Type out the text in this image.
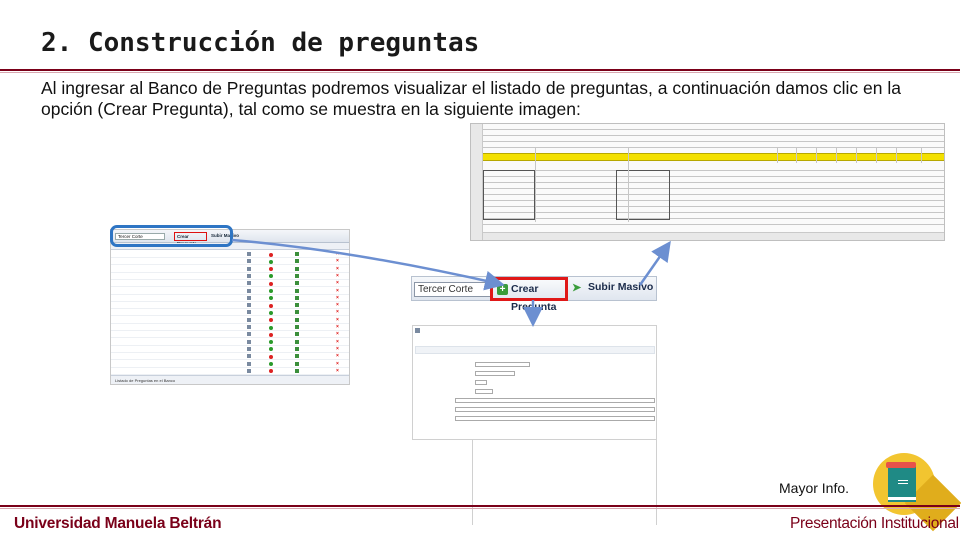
2. Construcción de preguntas
Al ingresar al Banco de Preguntas podremos visualizar el listado de preguntas, a continuación damos clic en la opción (Crear Pregunta), tal como se muestra en la siguiente imagen:
Tercer Corte	Crear	Subir Masivo
×
×
×
×
×
×
×
×
×
×
×
×
×
×
×
×
×
Listado de Preguntas en el Banco
Tercer Corte	+ Crear Pregunta
➤ Subir Masivo
Mayor Info.
Universidad Manuela Beltrán	Presentación Institucional
